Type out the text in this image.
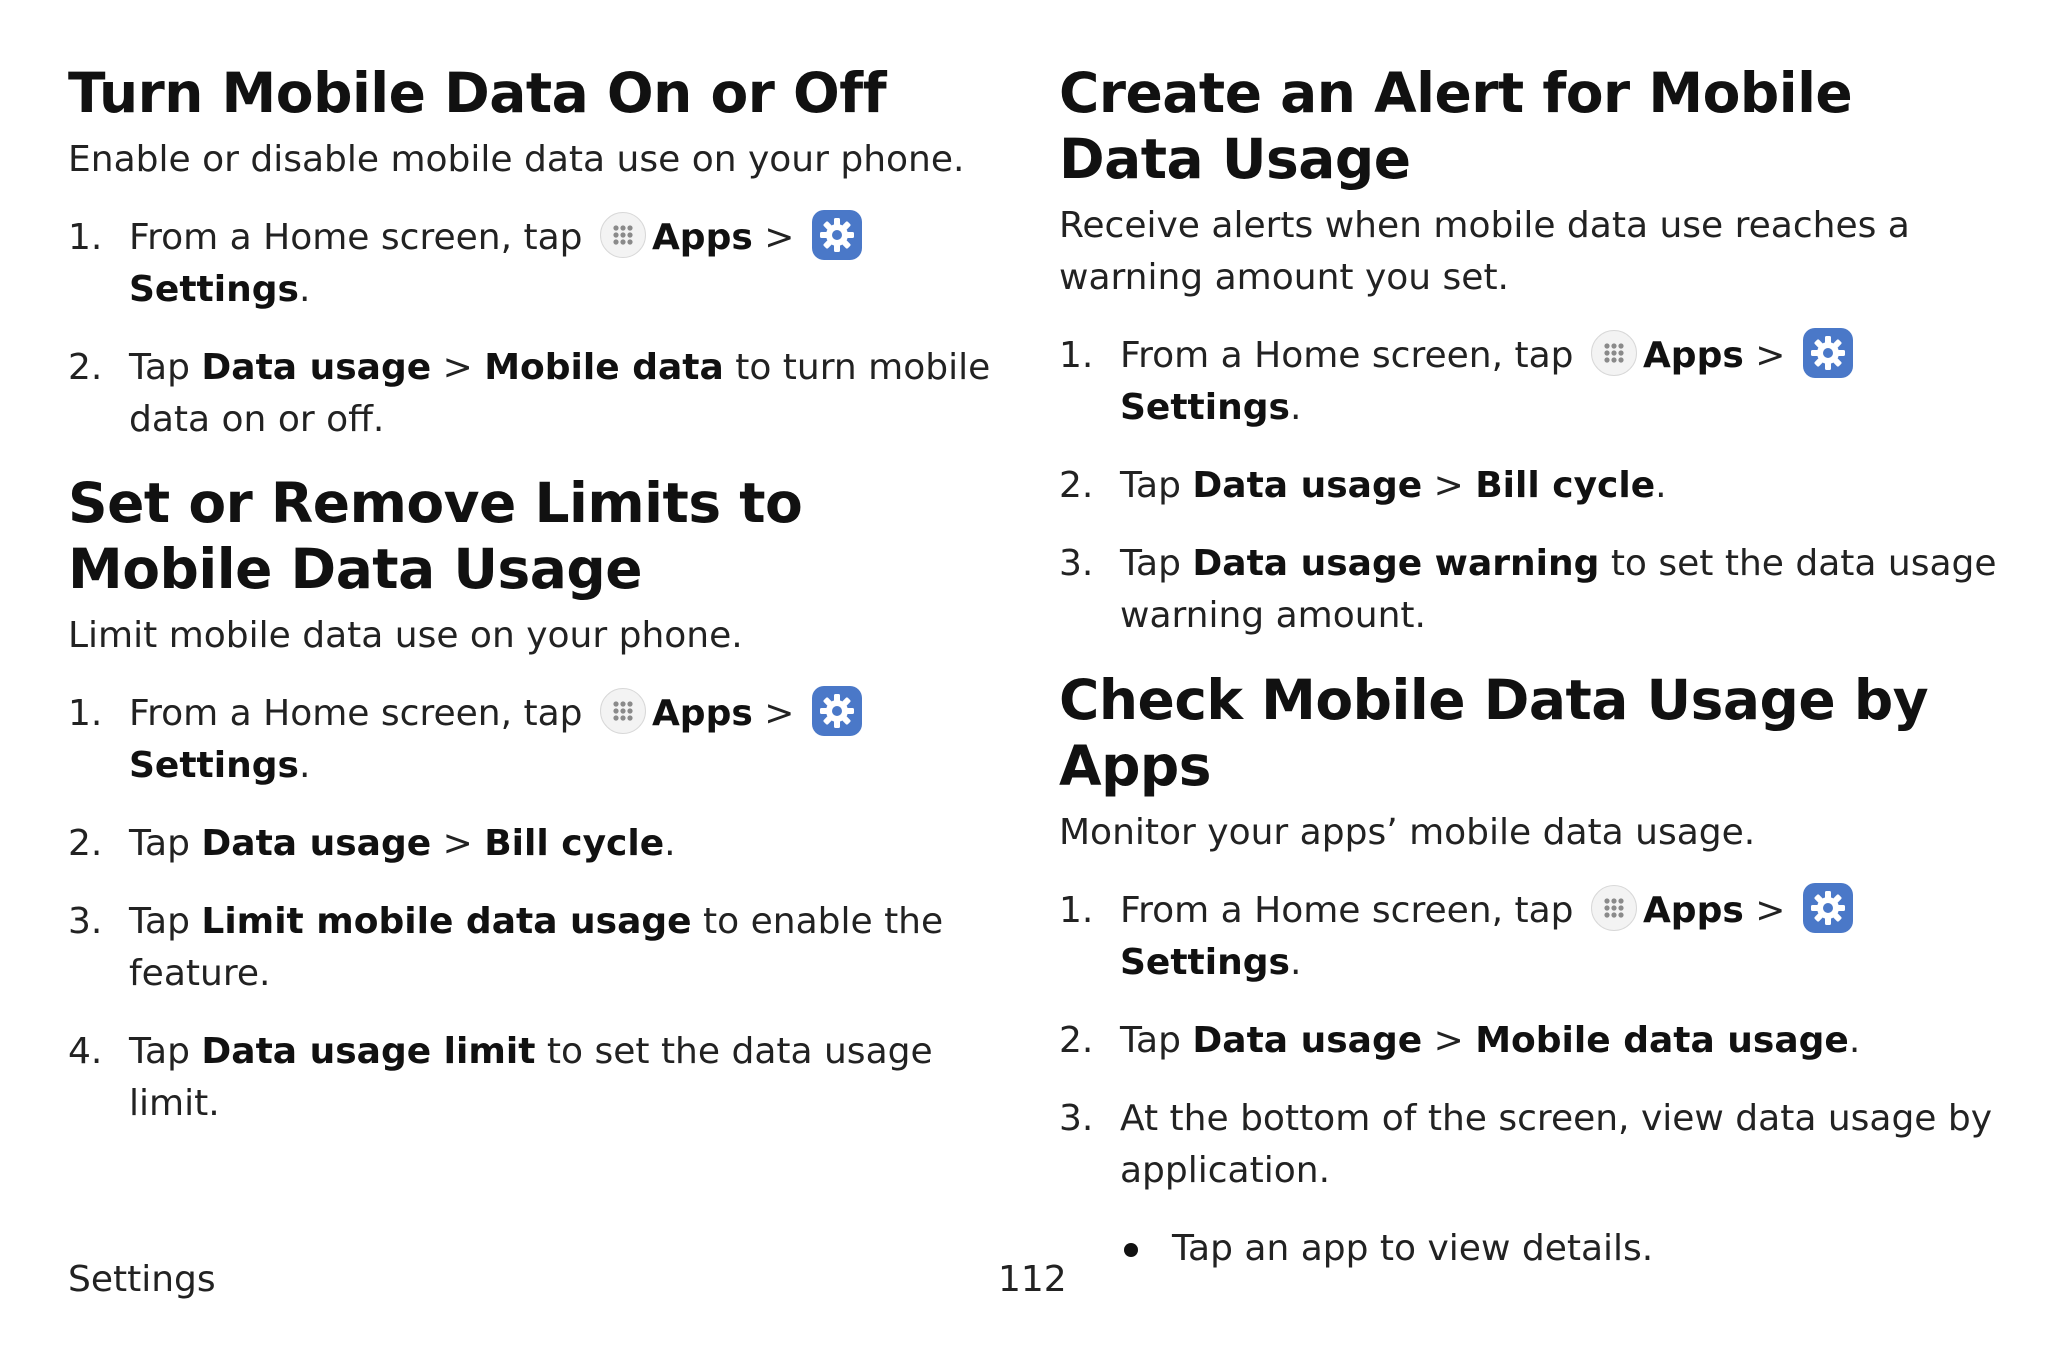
Turn Mobile Data On or Off

Enable or disable mobile data use on your phone.

1. From a Home screen, tap Apps >
Settings.
2. Tap Data usage > Mobile data to turn mobile data on or off.
Set or Remove Limits to Mobile Data Usage

Limit mobile data use on your phone.

1. From a Home screen, tap Apps >
Settings.
2. Tap Data usage > Bill cycle.
3. Tap Limit mobile data usage to enable the feature.
4. Tap Data usage limit to set the data usage limit.
Create an Alert for Mobile Data Usage

Receive alerts when mobile data use reaches a warning amount you set.

1. From a Home screen, tap Apps >
Settings.
2. Tap Data usage > Bill cycle.
3. Tap Data usage warning to set the data usage warning amount.
Check Mobile Data Usage by Apps

Monitor your apps’ mobile data usage.

1. From a Home screen, tap Apps >
Settings.
2. Tap Data usage > Mobile data usage.
3. At the bottom of the screen, view data usage by application.
Tap an app to view details.
Settings	112
